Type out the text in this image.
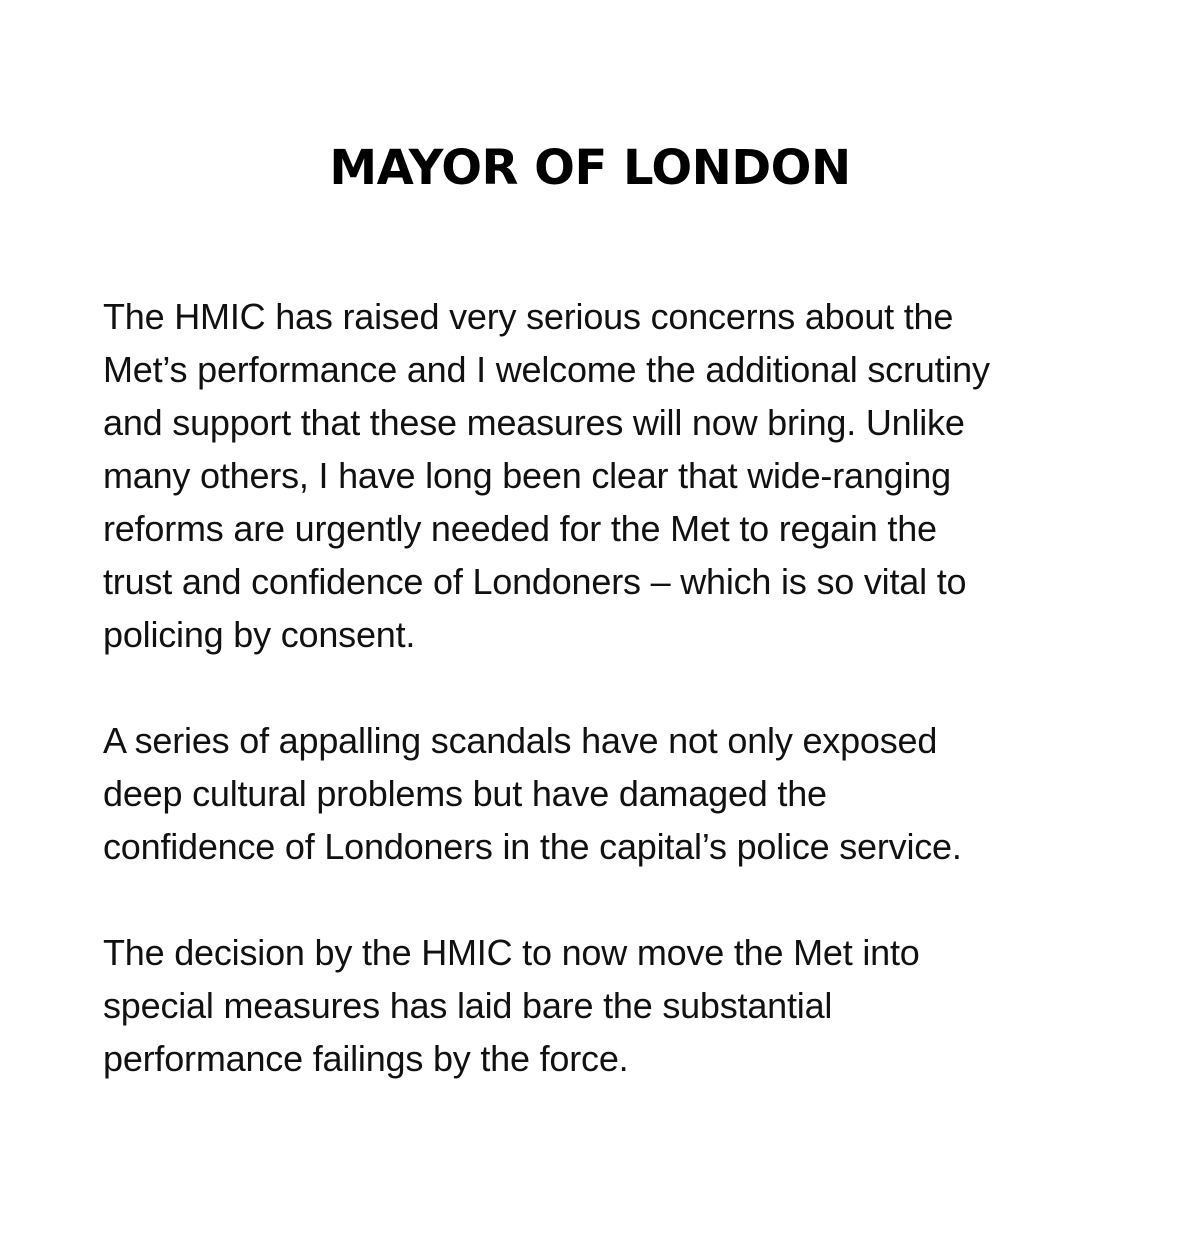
MAYOR OF LONDON

The HMIC has raised very serious concerns about the
Met’s performance and I welcome the additional scrutiny
and support that these measures will now bring. Unlike
many others, I have long been clear that wide-ranging
reforms are urgently needed for the Met to regain the
trust and confidence of Londoners – which is so vital to
policing by consent.

A series of appalling scandals have not only exposed
deep cultural problems but have damaged the
confidence of Londoners in the capital’s police service.

The decision by the HMIC to now move the Met into
special measures has laid bare the substantial
performance failings by the force.
